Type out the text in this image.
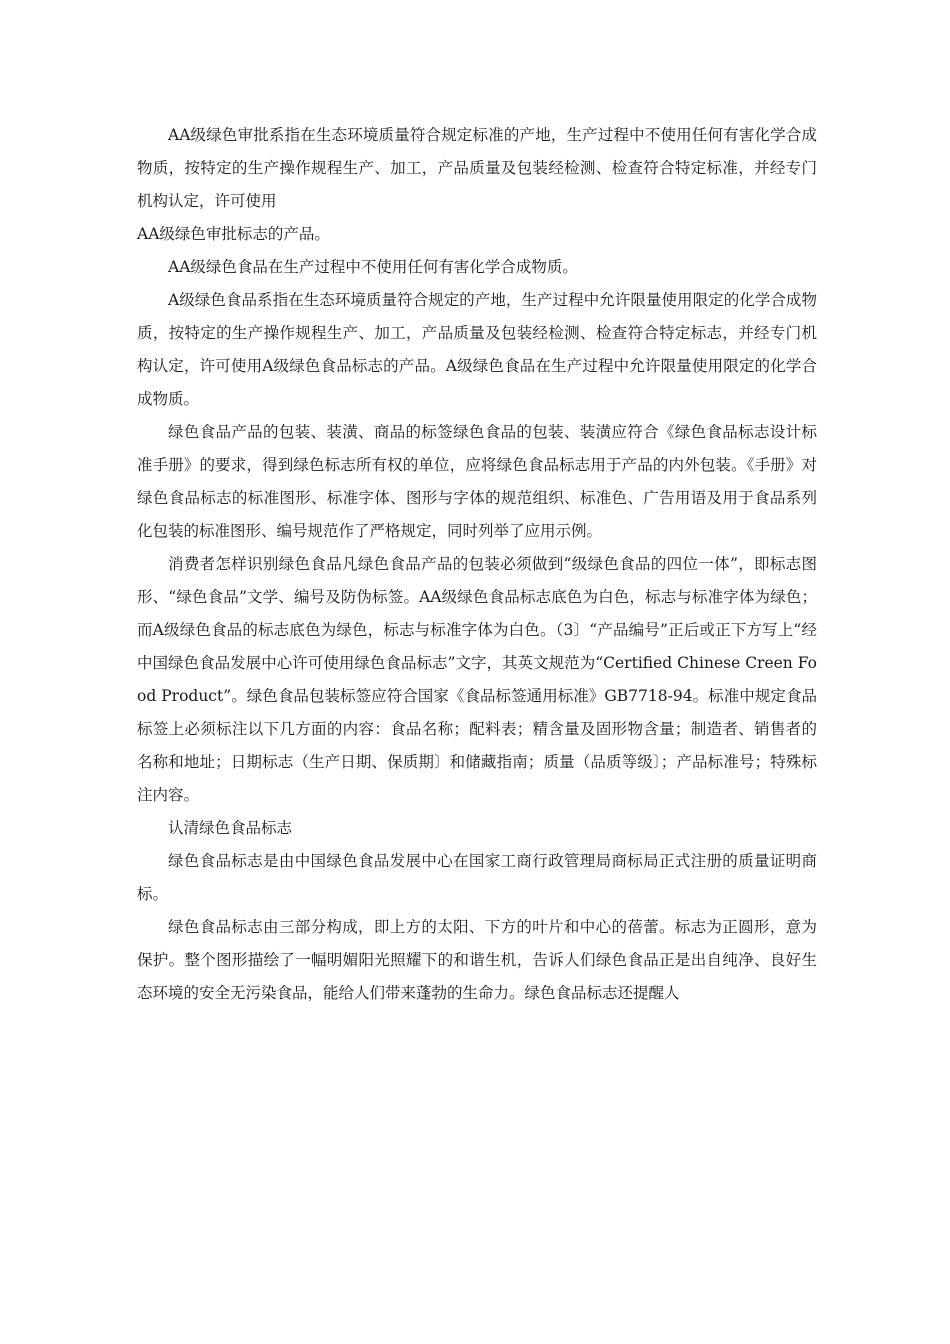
AA级绿色审批系指在生态环境质量符合规定标准的产地，生产过程中不使用任何有害化学合成物质，按特定的生产操作规程生产、加工，产品质量及包装经检测、检查符合特定标准，并经专门机构认定，许可使用

AA级绿色审批标志的产品。

AA级绿色食品在生产过程中不使用任何有害化学合成物质。

A级绿色食品系指在生态环境质量符合规定的产地，生产过程中允许限量使用限定的化学合成物质，按特定的生产操作规程生产、加工，产品质量及包装经检测、检查符合特定标志，并经专门机构认定，许可使用A级绿色食品标志的产品。A级绿色食品在生产过程中允许限量使用限定的化学合成物质。

绿色食品产品的包装、装潢、商品的标签绿色食品的包装、装潢应符合《绿色食品标志设计标准手册》的要求，得到绿色标志所有权的单位，应将绿色食品标志用于产品的内外包装。《手册》对绿色食品标志的标准图形、标准字体、图形与字体的规范组织、标准色、广告用语及用于食品系列化包装的标准图形、编号规范作了严格规定，同时列举了应用示例。

消费者怎样识别绿色食品凡绿色食品产品的包装必须做到“级绿色食品的四位一体”，即标志图形、“绿色食品”文学、编号及防伪标签。AA级绿色食品标志底色为白色，标志与标准字体为绿色；而A级绿色食品的标志底色为绿色，标志与标准字体为白色。（3〕“产品编号”正后或正下方写上“经中国绿色食品发展中心许可使用绿色食品标志”文字，其英文规范为“Certified Chinese Creen Food Product”。绿色食品包装标签应符合国家《食品标签通用标准》GB7718-94。标准中规定食品标签上必须标注以下几方面的内容：食品名称；配料表；精含量及固形物含量；制造者、销售者的名称和地址；日期标志（生产日期、保质期〕和储藏指南；质量（品质等级〕；产品标准号；特殊标注内容。

认清绿色食品标志

绿色食品标志是由中国绿色食品发展中心在国家工商行政管理局商标局正式注册的质量证明商标。

绿色食品标志由三部分构成，即上方的太阳、下方的叶片和中心的蓓蕾。标志为正圆形，意为保护。整个图形描绘了一幅明媚阳光照耀下的和谐生机，告诉人们绿色食品正是出自纯净、良好生态环境的安全无污染食品，能给人们带来蓬勃的生命力。绿色食品标志还提醒人
